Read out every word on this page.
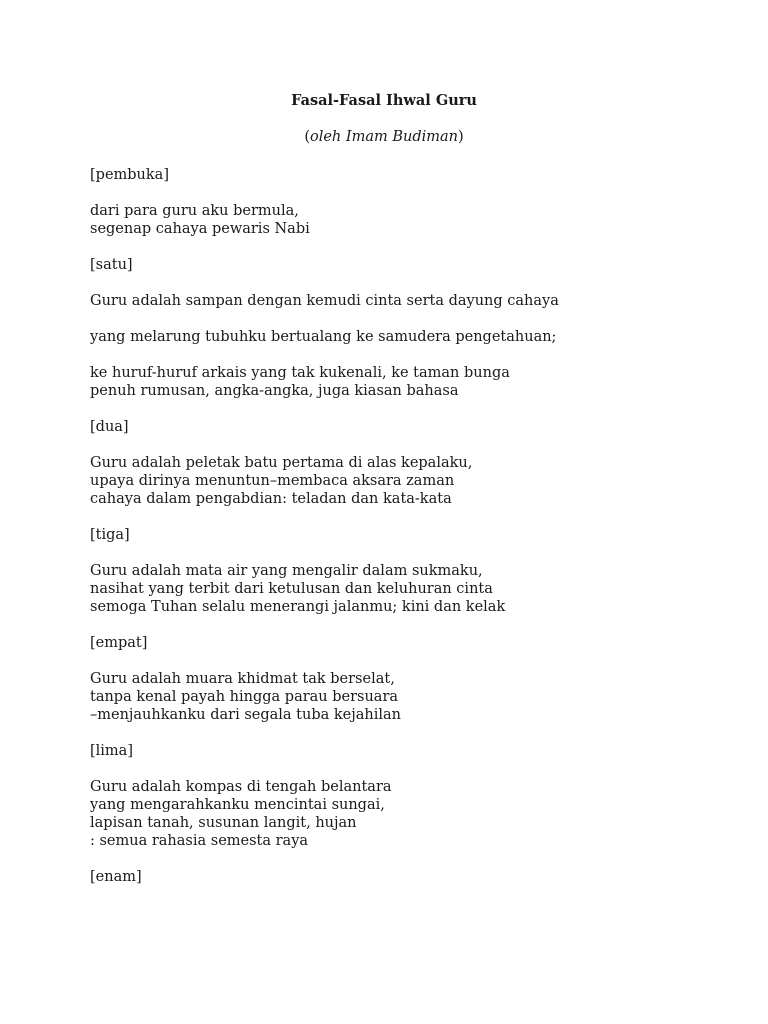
Fasal-Fasal Ihwal Guru
(oleh Imam Budiman)
[pembuka]
dari para guru aku bermula,
segenap cahaya pewaris Nabi
[satu]
Guru adalah sampan dengan kemudi cinta serta dayung cahaya
yang melarung tubuhku bertualang ke samudera pengetahuan;
ke huruf-huruf arkais yang tak kukenali, ke taman bunga
penuh rumusan, angka-angka, juga kiasan bahasa
[dua]
Guru adalah peletak batu pertama di alas kepalaku,
upaya dirinya menuntun–membaca aksara zaman
cahaya dalam pengabdian: teladan dan kata-kata
[tiga]
Guru adalah mata air yang mengalir dalam sukmaku,
nasihat yang terbit dari ketulusan dan keluhuran cinta
semoga Tuhan selalu menerangi jalanmu; kini dan kelak
[empat]
Guru adalah muara khidmat tak berselat,
tanpa kenal payah hingga parau bersuara
–menjauhkanku dari segala tuba kejahilan
[lima]
Guru adalah kompas di tengah belantara
yang mengarahkanku mencintai sungai,
lapisan tanah, susunan langit, hujan
: semua rahasia semesta raya
[enam]
